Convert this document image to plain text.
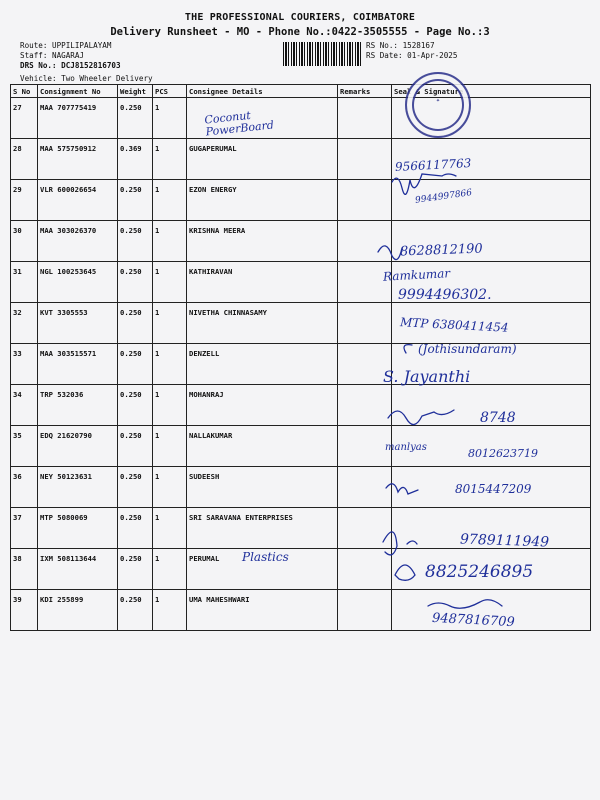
THE PROFESSIONAL COURIERS, COIMBATORE
Delivery Runsheet - MO - Phone No.:0422-3505555 - Page No.:3
Route: UPPILIPALAYAM
Staff: NAGARAJ
DRS No.: DCJ8152816703
RS No.: 1528167
RS Date: 01-Apr-2025
Vehicle: Two Wheeler Delivery
S No	Consignment No	Weight	PCS	Consignee Details	Remarks	Seal & Signature
27	MAA 707775419	0.250	1			
28	MAA 575750912	0.369	1	GUGAPERUMAL		
29	VLR 600026654	0.250	1	EZON ENERGY		
30	MAA 303026370	0.250	1	KRISHNA MEERA		
31	NGL 100253645	0.250	1	KATHIRAVAN		
32	KVT 3305553	0.250	1	NIVETHA CHINNASAMY		
33	MAA 303515571	0.250	1	DENZELL		
34	TRP 532036	0.250	1	MOHANRAJ		
35	EDQ 21620790	0.250	1	NALLAKUMAR		
36	NEY 50123631	0.250	1	SUDEESH		
37	MTP 5080069	0.250	1	SRI SARAVANA ENTERPRISES		
38	IXM 508113644	0.250	1	PERUMAL		
39	KDI 255899	0.250	1	UMA MAHESHWARI		
✦
Coconut
PowerBoard
9566117763
9944997866
8628812190
Ramkumar
9994496302.
MTP 6380411454
(Jothisundaram)
S. Jayanthi
8748
manlyas	8012623719
8015447209
9789111949
Plastics
8825246895
9487816709
